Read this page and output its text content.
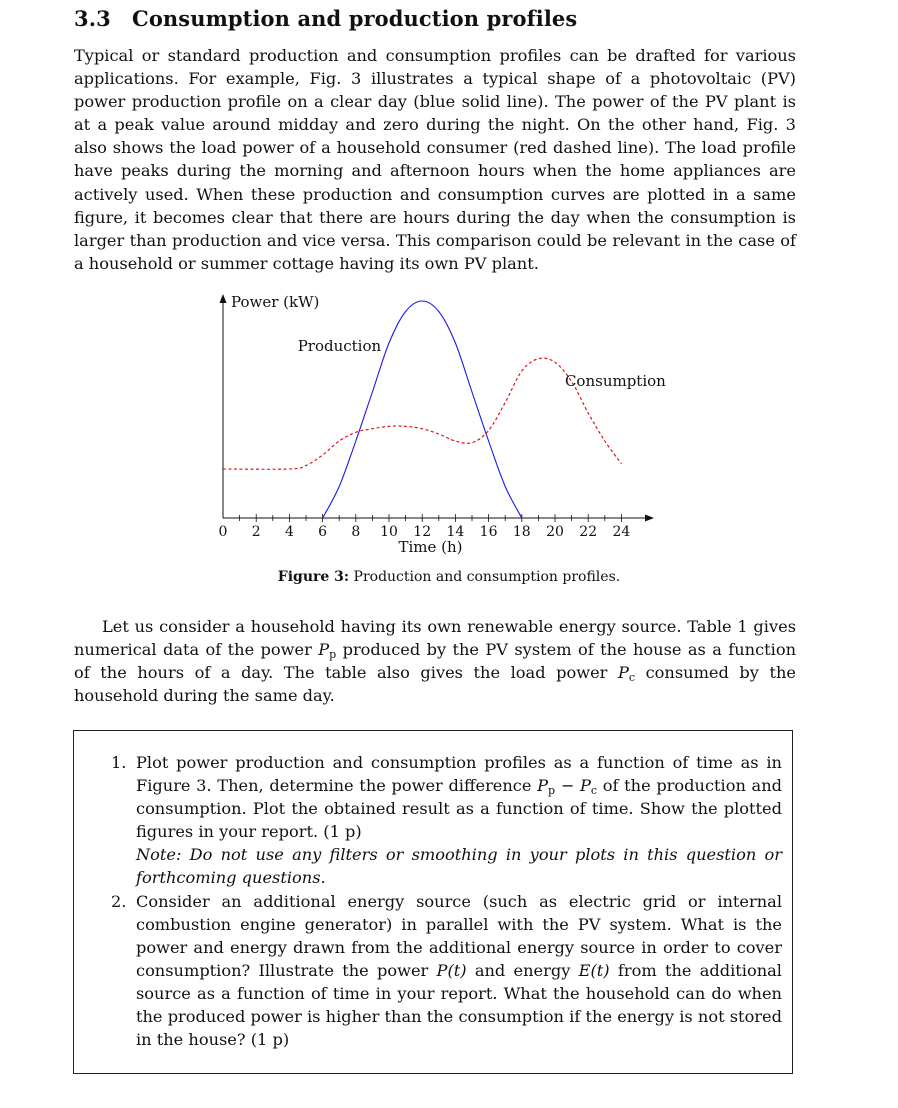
3.3 Consumption and production profiles

Typical or standard production and consumption profiles can be drafted for various applications. For example, Fig. 3 illustrates a typical shape of a photovoltaic (PV) power production profile on a clear day (blue solid line). The power of the PV plant is at a peak value around midday and zero during the night. On the other hand, Fig. 3 also shows the load power of a household consumer (red dashed line). The load profile have peaks during the morning and afternoon hours when the home appliances are actively used. When these production and consumption curves are plotted in a same figure, it becomes clear that there are hours during the day when the consumption is larger than production and vice versa. This comparison could be relevant in the case of a household or summer cottage having its own PV plant.

0 2 4 6 8 10 12 14 16 18 20 22 24
Power (kW)
Time (h)
Production
Consumption

Figure 3: Production and consumption profiles.

Let us consider a household having its own renewable energy source. Table 1 gives numerical data of the power $P_p$ produced by the PV system of the house as a function of the hours of a day. The table also gives the load power $P_c$ consumed by the household during the same day.

1. Plot power production and consumption profiles as a function of time as in Figure 3. Then, determine the power difference $P_p - P_c$ of the production and consumption. Plot the obtained result as a function of time. Show the plotted figures in your report. (1 p)
Note: Do not use any filters or smoothing in your plots in this question or forthcoming questions.
2. Consider an additional energy source (such as electric grid or internal combustion engine generator) in parallel with the PV system. What is the power and energy drawn from the additional energy source in order to cover consumption? Illustrate the power P(t) and energy E(t) from the additional source as a function of time in your report. What the household can do when the produced power is higher than the consumption if the energy is not stored in the house? (1 p)
